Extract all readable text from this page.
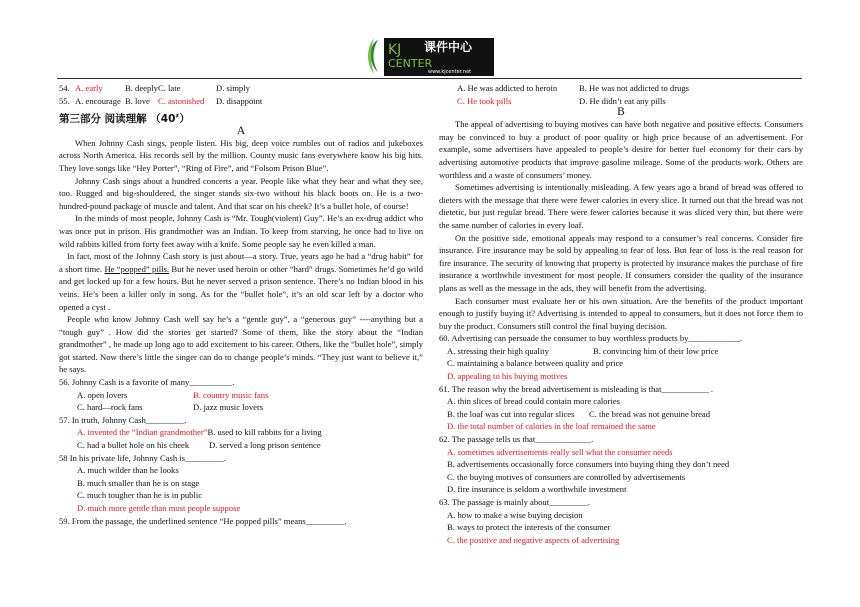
课件中心
KJ
CENTER
www.kjcenter.net
54. A. early	B. deeply C. late	D. simply
55. A. encourage B. love C. astonished	D. disappoint
第三部分 阅读理解 （40’）
A

When Johnny Cash sings, people listen. His big, deep voice rumbles out of radios and jukeboxes across North America. His records sell by the million. County music fans everywhere know his big hits. They love songs like “Hey Porter”, “Ring of Fire”, and “Folsom Prison Blue”.

Johnny Cash sings about a hundred concerts a year. People like what they hear and what they see, too. Rugged and big-shouldered, the singer stands six-two without his black boots on. He is a two-hundred-pound package of muscle and talent. And that scar on his cheek? It’s a bullet hole, of course!

In the minds of most people, Johnny Cash is “Mr. Tough(violent) Guy”. He’s an ex-drug addict who was once put in prison. His grandmother was an Indian. To keep from starving, he once had to live on wild rabbits killed from forty feet away with a knife. Some people say he even killed a man.

In fact, most of the Johnny Cash story is just about—a story. True, years ago he had a “drug habit” for a short time. He “popped” pills. But he never used heroin or other “hard” drugs. Sometimes he’d go wild and get locked up for a few hours. But he never served a prison sentence. There’s no Indian blood in his veins. He’s been a killer only in song. As for the “bullet hole”, it’s an old scar left by a doctor who opened a cyst .

People who know Johnny Cash well say he’s a “gentle guy”, a “generous guy” ----anything but a “tough guy” . How did the stories get started? Some of them, like the story about the “Indian grandmother” , he made up long ago to add excitement to his career. Others, like the “bullet hole”, simply got started. Now there’s little the singer can do to change people’s minds. “They just want to believe it,” he says.

56. Johnny Cash is a favorite of many__________.
A. open lovers	B. country music fans
C. hard—rock fans	D. jazz music lovers
57. In truth, Johnny Cash_________.
A. invented the “Indian grandmother” B. used to kill rabbits for a living
C. had a bullet hole on his cheek	D. served a long prison sentence
58 In his private life, Johnny Cash is_________.
A. much wilder than he looks
B. much smaller than he is on stage
C. much tougher than he is in public
D. much more gentle than most people suppose
59. From the passage, the underlined sentence “He popped pills” means_________.
A. He was addicted to heroin	B. He was not addicted to drugs
C. He took pills	D. He didn’t eat any pills
B

The appeal of advertising to buying motives can have both negative and positive effects. Consumers may be convinced to buy a product of poor quality or high price because of an advertisement. For example, some advertisers have appealed to people’s desire for better fuel economy for their cars by advertising automotive products that improve gasoline mileage. Some of the products work. Others are worthless and a waste of consumers’ money.

Sometimes advertising is intentionally misleading. A few years ago a brand of bread was offered to dieters with the message that there were fewer calories in every slice. It turned out that the bread was not dietetic, but just regular bread. There were fewer calories because it was sliced very thin, but there were the same number of calories in every loaf.

On the positive side, emotional appeals may respond to a consumer’s real concerns. Consider fire insurance. Fire insurance may be sold by appealing to fear of loss. But fear of loss is the real reason for fire insurance. The security of knowing that property is protected by insurance makes the purchase of fire insurance a worthwhile investment for most people. If consumers consider the quality of the insurance plans as well as the message in the ads, they will benefit from the advertising.

Each consumer must evaluate her or his own situation. Are the benefits of the product important enough to justify buying it? Advertising is intended to appeal to consumers, but it does not force them to buy the product. Consumers still control the final buying decision.

60. Advertising can persuade the consumer to buy worthless products by____________.
A. stressing their high quality	B. convincing him of their low price
C. maintaining a balance between quality and price
D. appealing to his buying motives
61. The reason why the bread advertisement is misleading is that___________ .
A. thin slices of bread could contain more calories
B. the loaf was cut into regular slices	C. the bread was not genuine bread
D. the total number of calories in the loaf remained the same
62. The passage tells us that_____________.
A. sometimes advertisements really sell what the consumer needs
B. advertisements occasionally force consumers into buying thing they don’t need
C. the buying motives of consumers are controlled by advertisements
D. fire insurance is seldom a worthwhile investment
63. The passage is mainly about_________.
A. how to make a wise buying decision
B. ways to protect the interests of the consumer
C. the positive and negative aspects of advertising
